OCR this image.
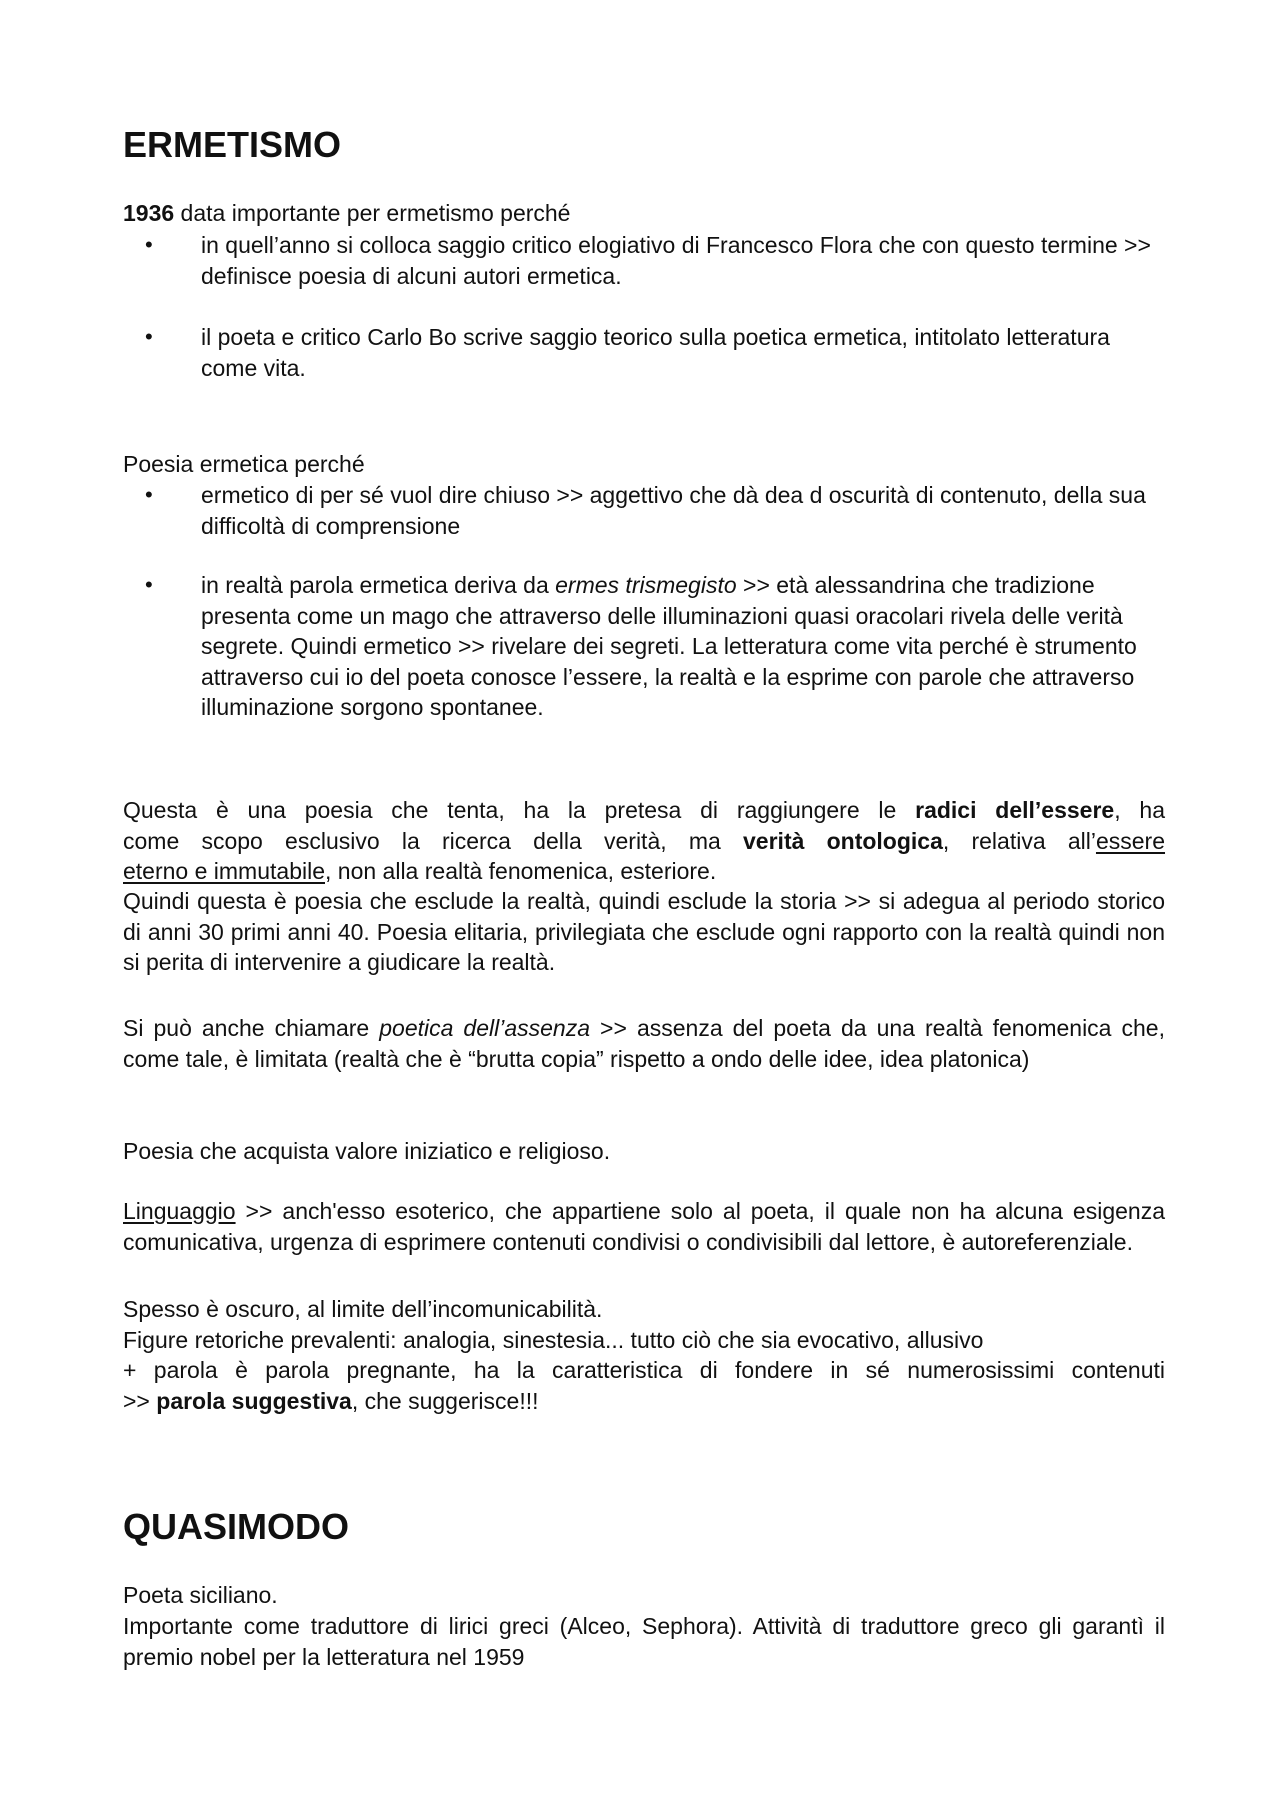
ERMETISMO

1936 data importante per ermetismo perché

• in quell’anno si colloca saggio critico elogiativo di Francesco Flora che con questo termine >> definisce poesia di alcuni autori ermetica.

• il poeta e critico Carlo Bo scrive saggio teorico sulla poetica ermetica, intitolato letteratura come vita.

Poesia ermetica perché

• ermetico di per sé vuol dire chiuso >> aggettivo che dà dea d oscurità di contenuto, della sua difficoltà di comprensione

• in realtà parola ermetica deriva da ermes trismegisto >> età alessandrina che tradizione presenta come un mago che attraverso delle illuminazioni quasi oracolari rivela delle verità segrete. Quindi ermetico >> rivelare dei segreti. La letteratura come vita perché è strumento attraverso cui io del poeta conosce l’essere, la realtà e la esprime con parole che attraverso illuminazione sorgono spontanee.

Questa è una poesia che tenta, ha la pretesa di raggiungere le radici dell’essere, ha
come scopo esclusivo la ricerca della verità, ma verità ontologica, relativa all’essere
eterno e immutabile, non alla realtà fenomenica, esteriore.

Quindi questa è poesia che esclude la realtà, quindi esclude la storia >> si adegua al periodo storico di anni 30 primi anni 40. Poesia elitaria, privilegiata che esclude ogni rapporto con la realtà quindi non si perita di intervenire a giudicare la realtà.

Si può anche chiamare poetica dell’assenza >> assenza del poeta da una realtà fenomenica che, come tale, è limitata (realtà che è “brutta copia” rispetto a ondo delle idee, idea platonica)

Poesia che acquista valore iniziatico e religioso.

Linguaggio >> anch'esso esoterico, che appartiene solo al poeta, il quale non ha alcuna esigenza comunicativa, urgenza di esprimere contenuti condivisi o condivisibili dal lettore, è autoreferenziale.

Spesso è oscuro, al limite dell’incomunicabilità.

Figure retoriche prevalenti: analogia, sinestesia... tutto ciò che sia evocativo, allusivo

+ parola è parola pregnante, ha la caratteristica di fondere in sé numerosissimi contenuti
>> parola suggestiva, che suggerisce!!!
QUASIMODO

Poeta siciliano.

Importante come traduttore di lirici greci (Alceo, Sephora). Attività di traduttore greco gli garantì il premio nobel per la letteratura nel 1959
